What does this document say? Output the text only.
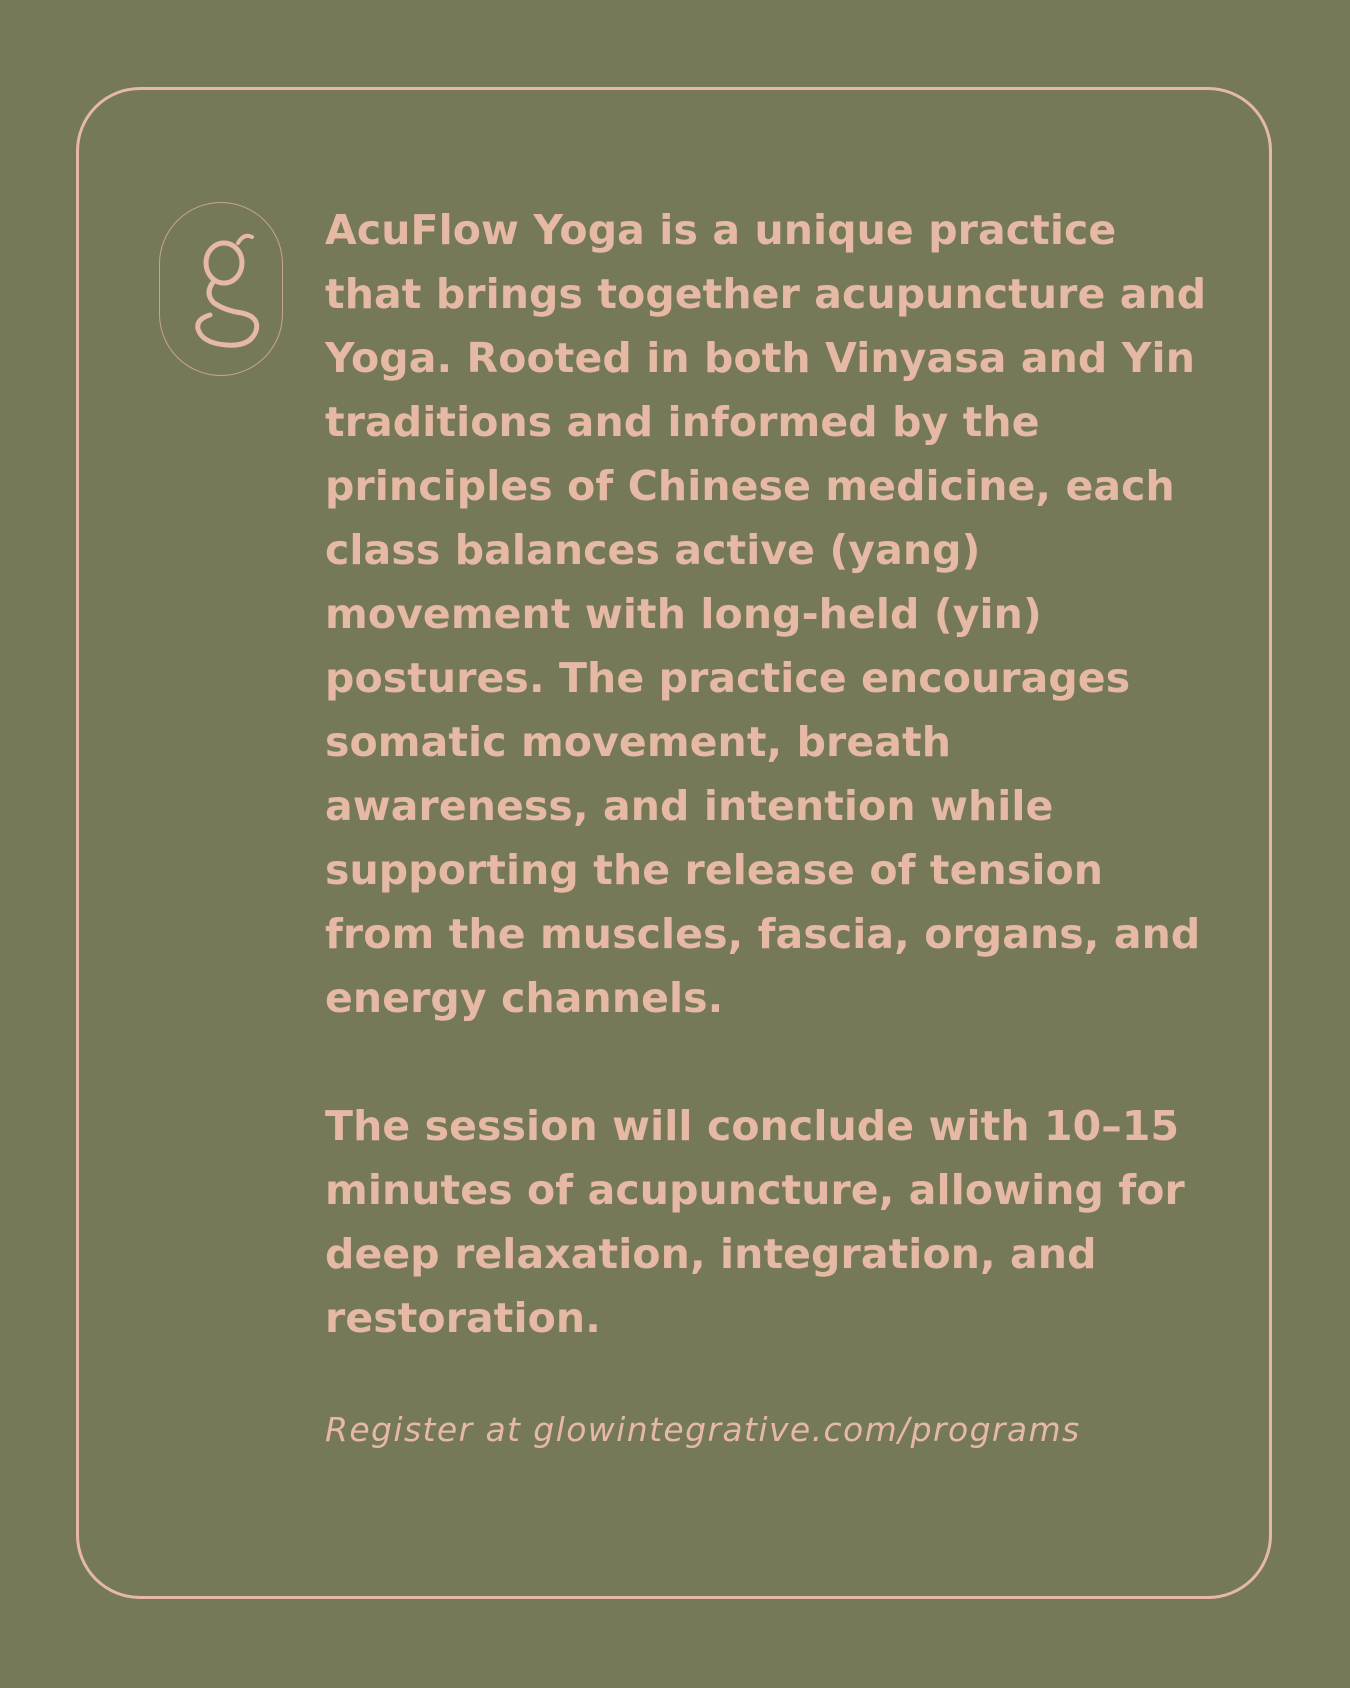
AcuFlow Yoga is a unique practice
that brings together acupuncture and
Yoga. Rooted in both Vinyasa and Yin
traditions and informed by the
principles of Chinese medicine, each
class balances active (yang)
movement with long-held (yin)
postures. The practice encourages
somatic movement, breath
awareness, and intention while
supporting the release of tension
from the muscles, fascia, organs, and
energy channels.

The session will conclude with 10–15
minutes of acupuncture, allowing for
deep relaxation, integration, and
restoration.

Register at glowintegrative.com/programs
